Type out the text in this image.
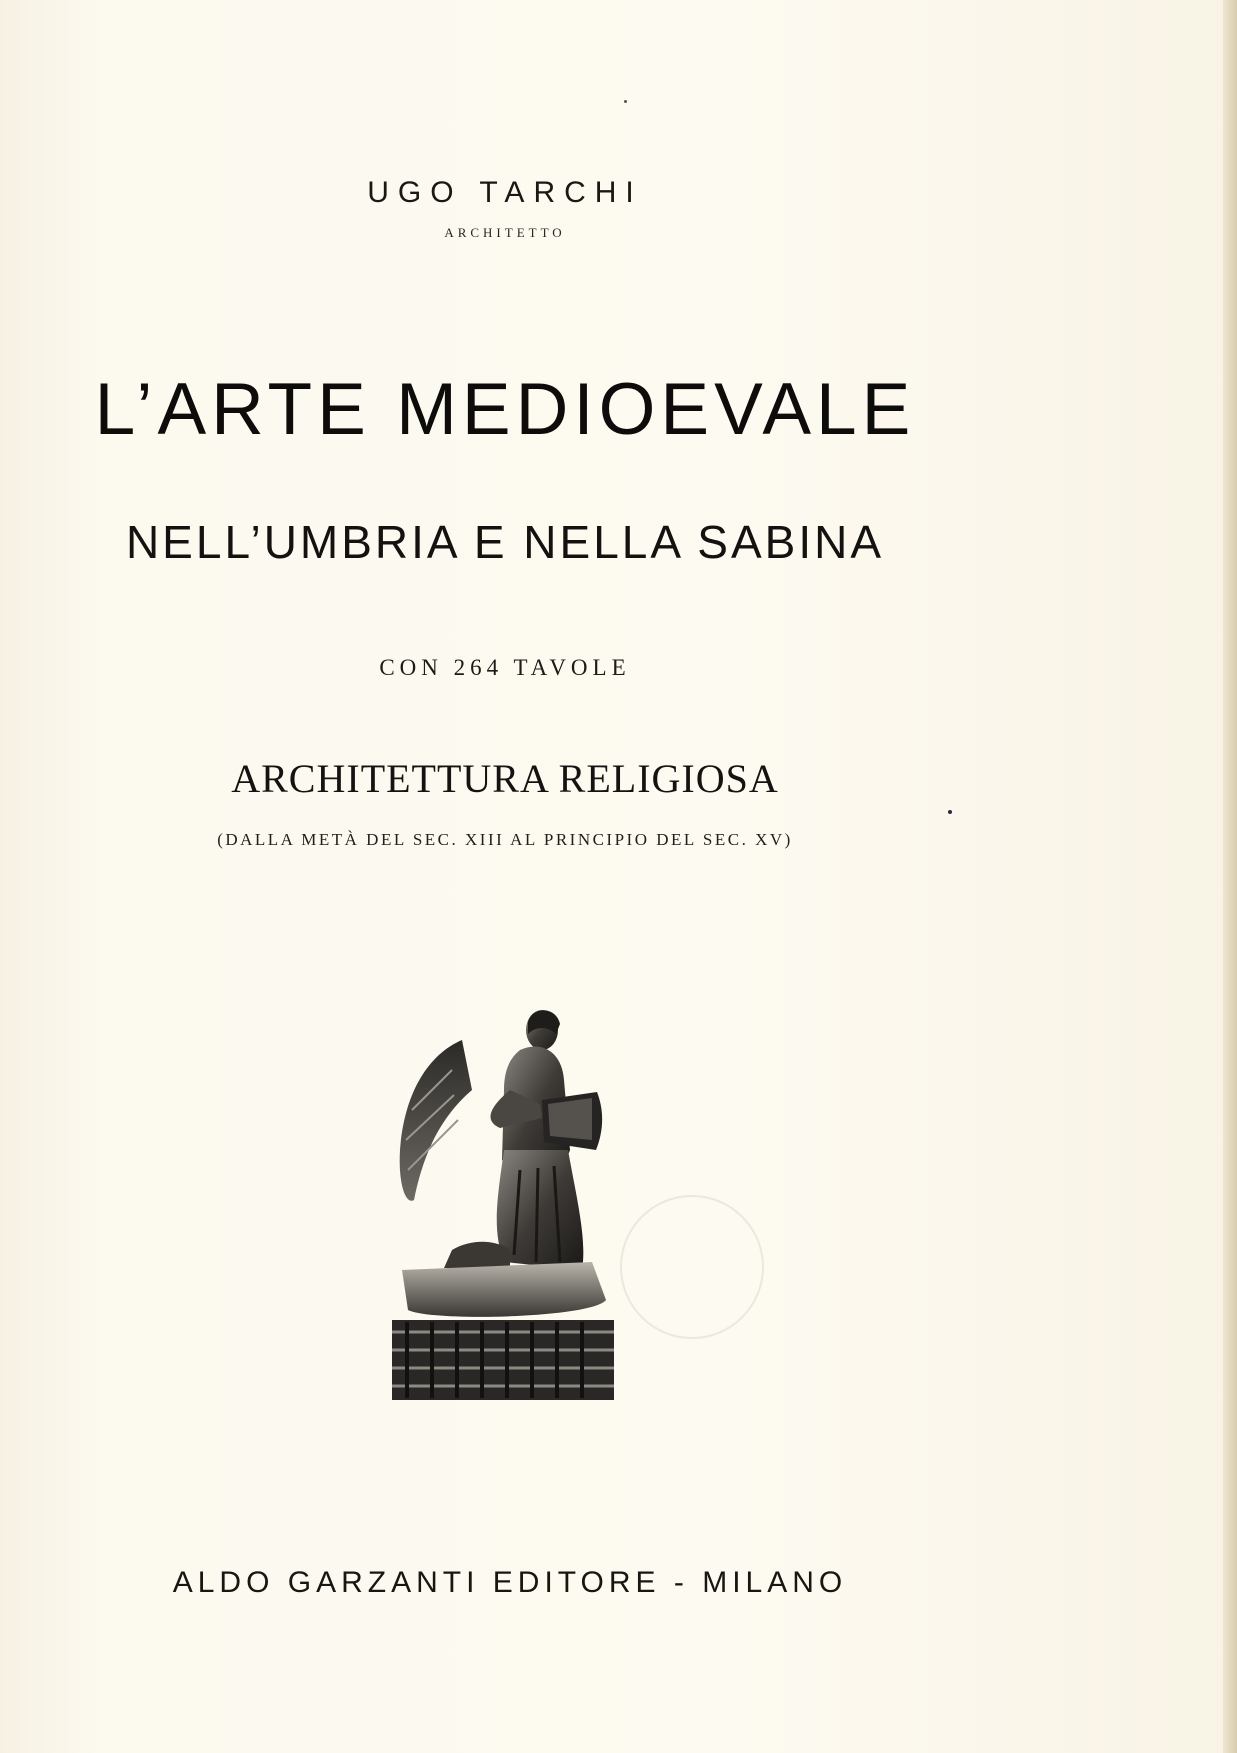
UGO TARCHI
ARCHITETTO
L’ARTE MEDIOEVALE
NELL’UMBRIA E NELLA SABINA
CON 264 TAVOLE
ARCHITETTURA RELIGIOSA
(DALLA METÀ DEL SEC. XIII AL PRINCIPIO DEL SEC. XV)
ALDO GARZANTI EDITORE - MILANO
